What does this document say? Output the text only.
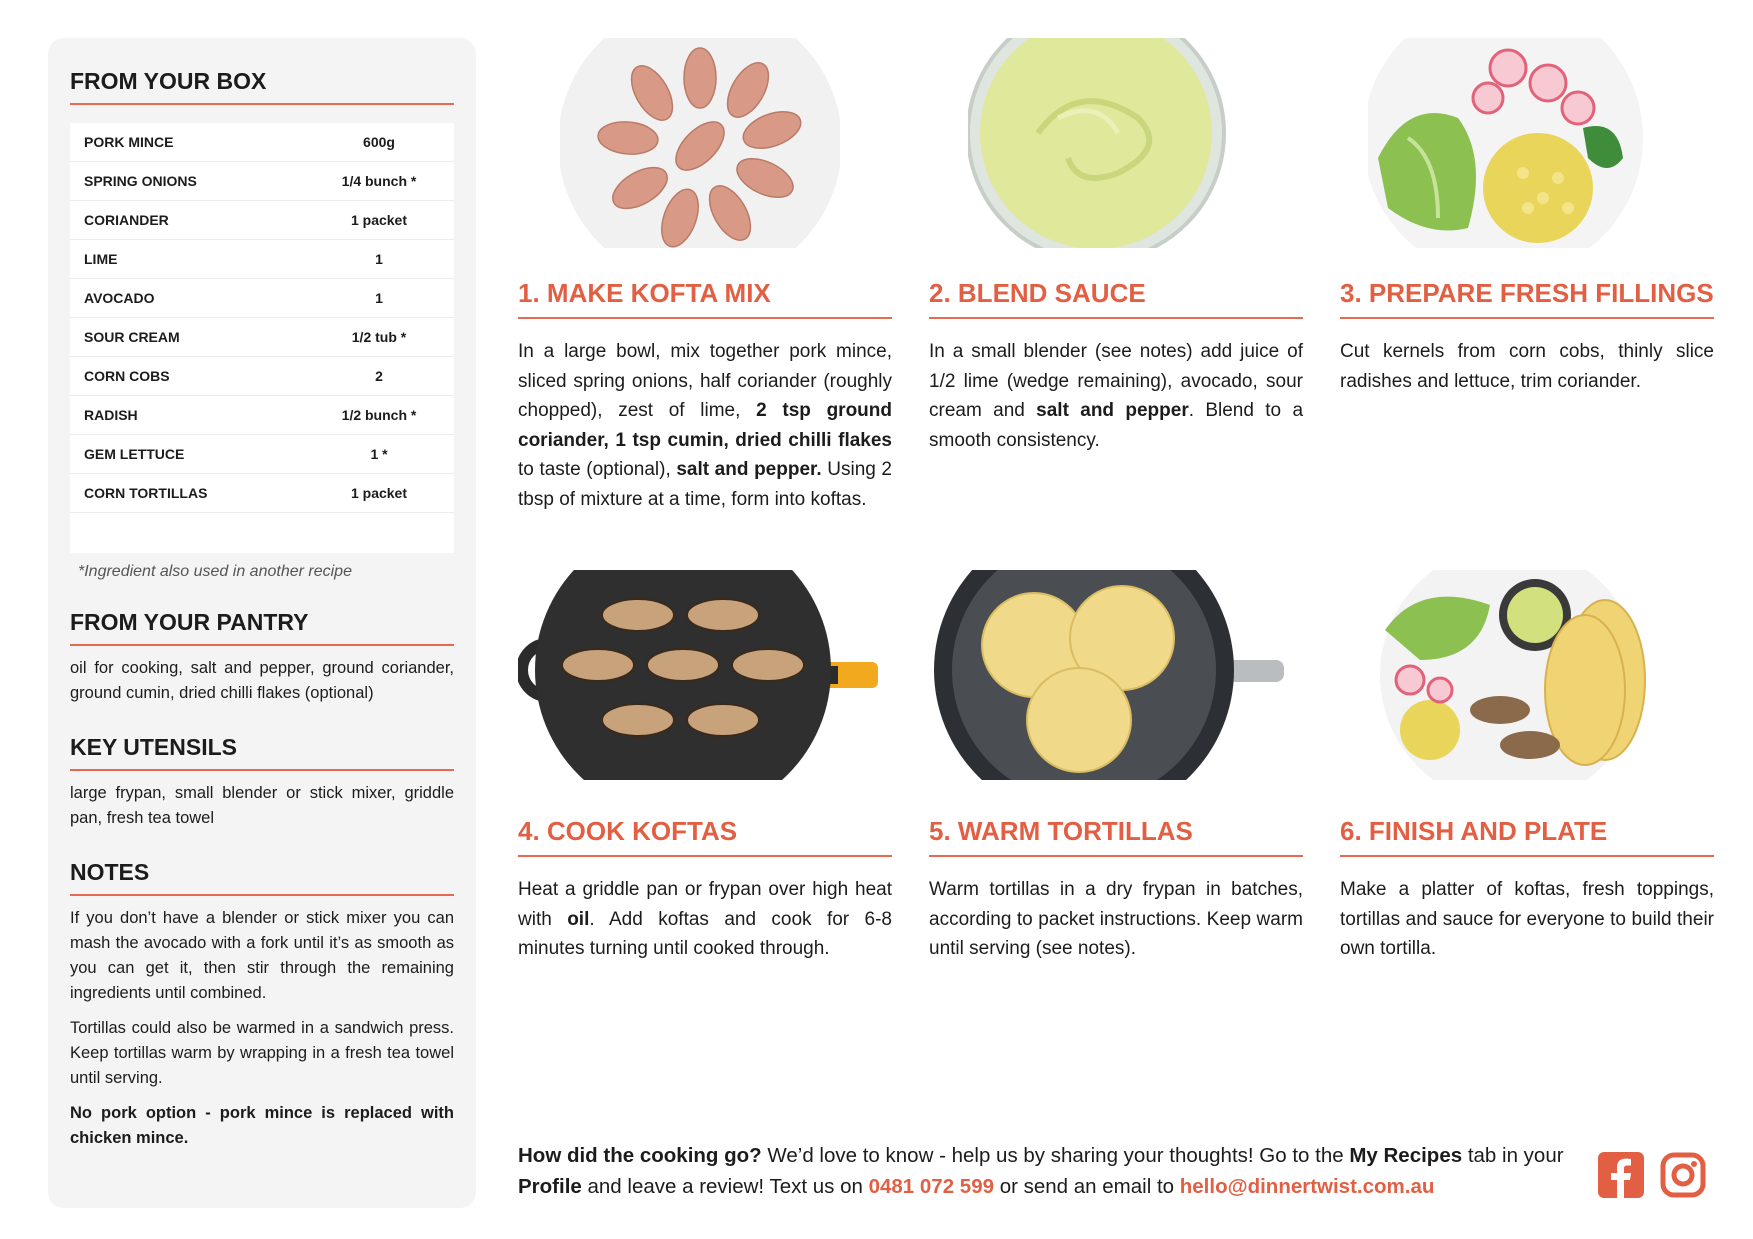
FROM YOUR BOX
PORK MINCE	600g
SPRING ONIONS	1/4 bunch *
CORIANDER	1 packet
LIME	1
AVOCADO	1
SOUR CREAM	1/2 tub *
CORN COBS	2
RADISH	1/2 bunch *
GEM LETTUCE	1 *
CORN TORTILLAS	1 packet
*Ingredient also used in another recipe
FROM YOUR PANTRY

oil for cooking, salt and pepper, ground coriander, ground cumin, dried chilli flakes (optional)

KEY UTENSILS

large frypan, small blender or stick mixer, griddle pan, fresh tea towel

NOTES

If you don’t have a blender or stick mixer you can mash the avocado with a fork until it’s as smooth as you can get it, then stir through the remaining ingredients until combined.

Tortillas could also be warmed in a sandwich press. Keep tortillas warm by wrapping in a fresh tea towel until serving.

No pork option - pork mince is replaced with chicken mince.

1. MAKE KOFTA MIX
In a large bowl, mix together pork mince, sliced spring onions, half coriander (roughly chopped), zest of lime, 2 tsp ground coriander, 1 tsp cumin, dried chilli flakes to taste (optional), salt and pepper. Using 2 tbsp of mixture at a time, form into koftas.
2. BLEND SAUCE
In a small blender (see notes) add juice of 1/2 lime (wedge remaining), avocado, sour cream and salt and pepper. Blend to a smooth consistency.
3. PREPARE FRESH FILLINGS
Cut kernels from corn cobs, thinly slice radishes and lettuce, trim coriander.
4. COOK KOFTAS
Heat a griddle pan or frypan over high heat with oil. Add koftas and cook for 6-8 minutes turning until cooked through.
5. WARM TORTILLAS
Warm tortillas in a dry frypan in batches, according to packet instructions. Keep warm until serving (see notes).
6. FINISH AND PLATE
Make a platter of koftas, fresh toppings, tortillas and sauce for everyone to build their own tortilla.
How did the cooking go? We’d love to know - help us by sharing your thoughts! Go to the My Recipes tab in your Profile and leave a review! Text us on 0481 072 599 or send an email to hello@dinnertwist.com.au
